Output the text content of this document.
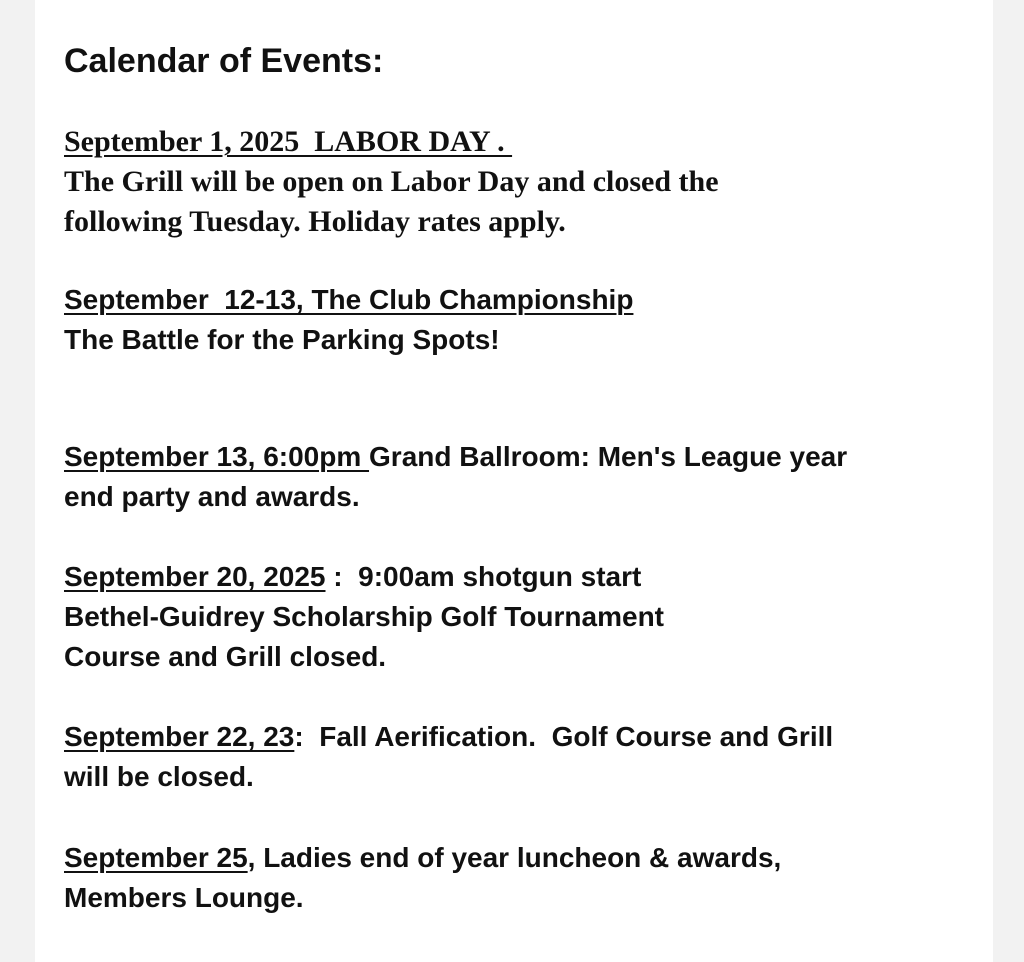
Calendar of Events:
September 1, 2025  LABOR DAY .
The Grill will be open on Labor Day and closed the
following Tuesday. Holiday rates apply.
September  12-13, The Club Championship
The Battle for the Parking Spots!
September 13, 6:00pm Grand Ballroom: Men's League year
end party and awards.
September 20, 2025 :  9:00am shotgun start
Bethel-Guidrey Scholarship Golf Tournament
Course and Grill closed.
September 22, 23:  Fall Aerification.  Golf Course and Grill
will be closed.
September 25, Ladies end of year luncheon & awards,
Members Lounge.
